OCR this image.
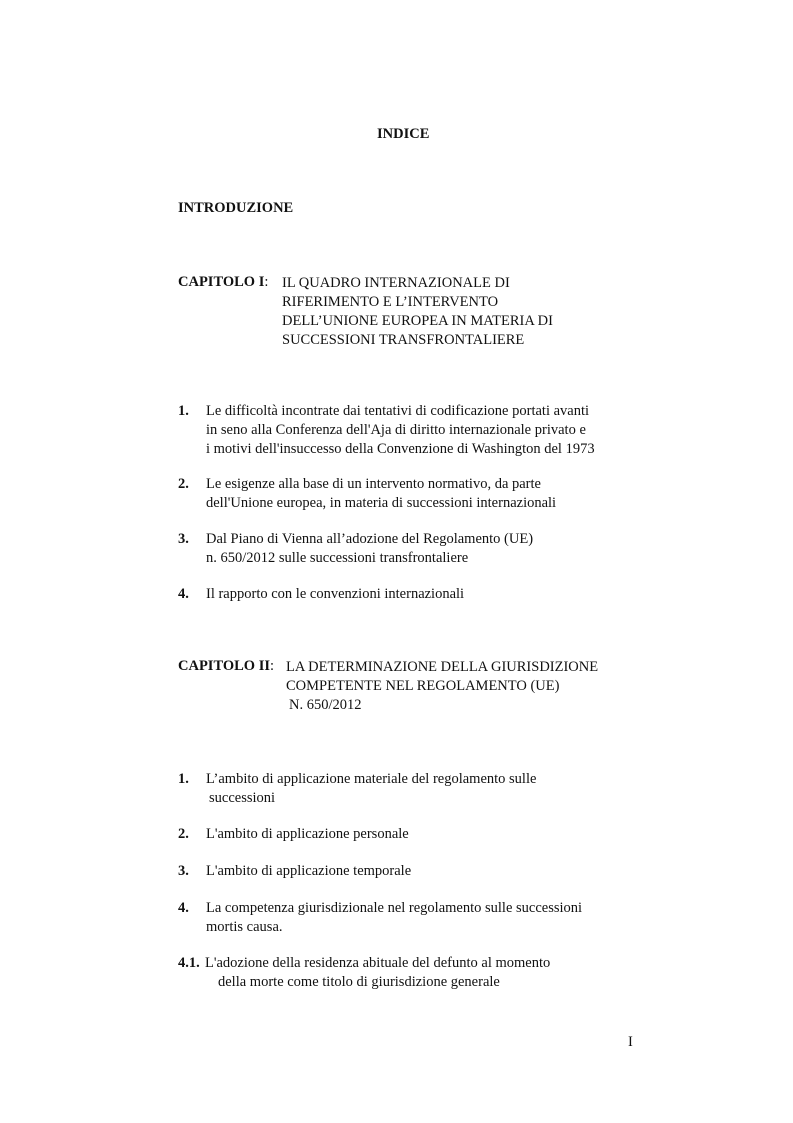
INDICE
INTRODUZIONE
CAPITOLO I: IL QUADRO INTERNAZIONALE DI
RIFERIMENTO E L’INTERVENTO
DELL’UNIONE EUROPEA IN MATERIA DI
SUCCESSIONI TRANSFRONTALIERE
1. Le difficoltà incontrate dai tentativi di codificazione portati avanti
in seno alla Conferenza dell'Aja di diritto internazionale privato e
i motivi dell'insuccesso della Convenzione di Washington del 1973
2. Le esigenze alla base di un intervento normativo, da parte
dell'Unione europea, in materia di successioni internazionali
3. Dal Piano di Vienna all’adozione del Regolamento (UE)
n. 650/2012 sulle successioni transfrontaliere
4. Il rapporto con le convenzioni internazionali
CAPITOLO II: LA DETERMINAZIONE DELLA GIURISDIZIONE
COMPETENTE NEL REGOLAMENTO (UE)
N. 650/2012
1. L’ambito di applicazione materiale del regolamento sulle
successioni
2. L'ambito di applicazione personale
3. L'ambito di applicazione temporale
4. La competenza giurisdizionale nel regolamento sulle successioni
mortis causa.
4.1. L'adozione della residenza abituale del defunto al momento
della morte come titolo di giurisdizione generale
I
